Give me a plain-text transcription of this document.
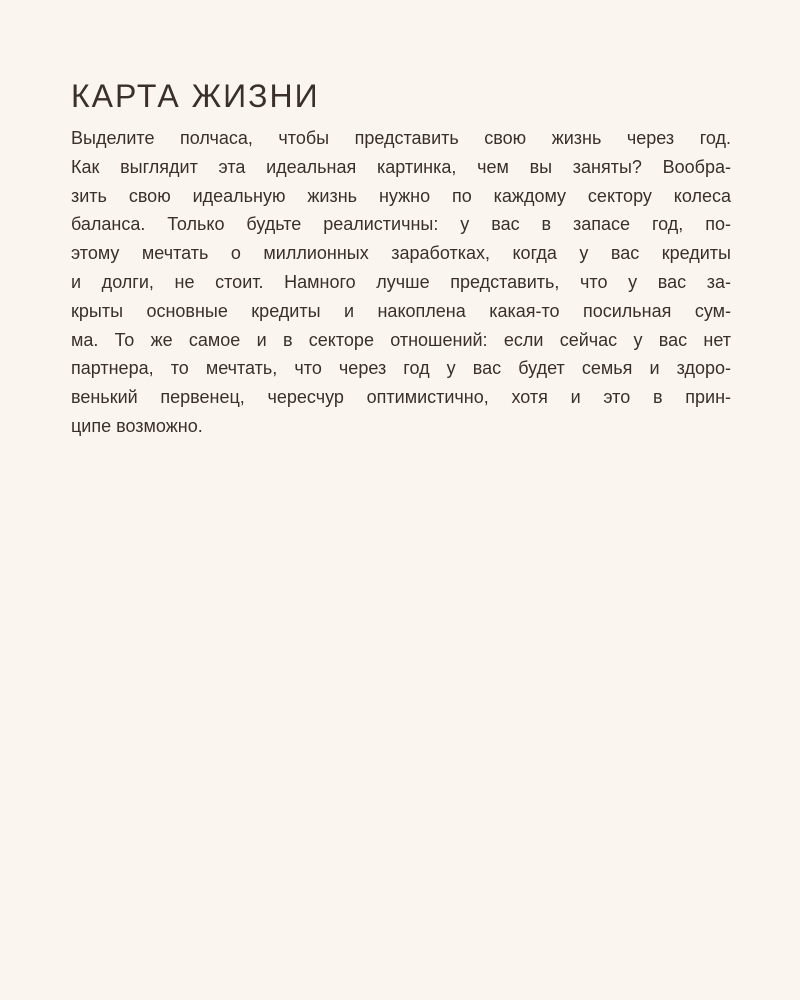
КАРТА ЖИЗНИ

Выделите полчаса, чтобы представить свою жизнь через год.
Как выглядит эта идеальная картинка, чем вы заняты? Вообра-
зить свою идеальную жизнь нужно по каждому сектору колеса
баланса. Только будьте реалистичны: у вас в запасе год, по-
этому мечтать о миллионных заработках, когда у вас кредиты
и долги, не стоит. Намного лучше представить, что у вас за-
крыты основные кредиты и накоплена какая-то посильная сум-
ма. То же самое и в секторе отношений: если сейчас у вас нет
партнера, то мечтать, что через год у вас будет семья и здоро-
венький первенец, чересчур оптимистично, хотя и это в прин-
ципе возможно.
